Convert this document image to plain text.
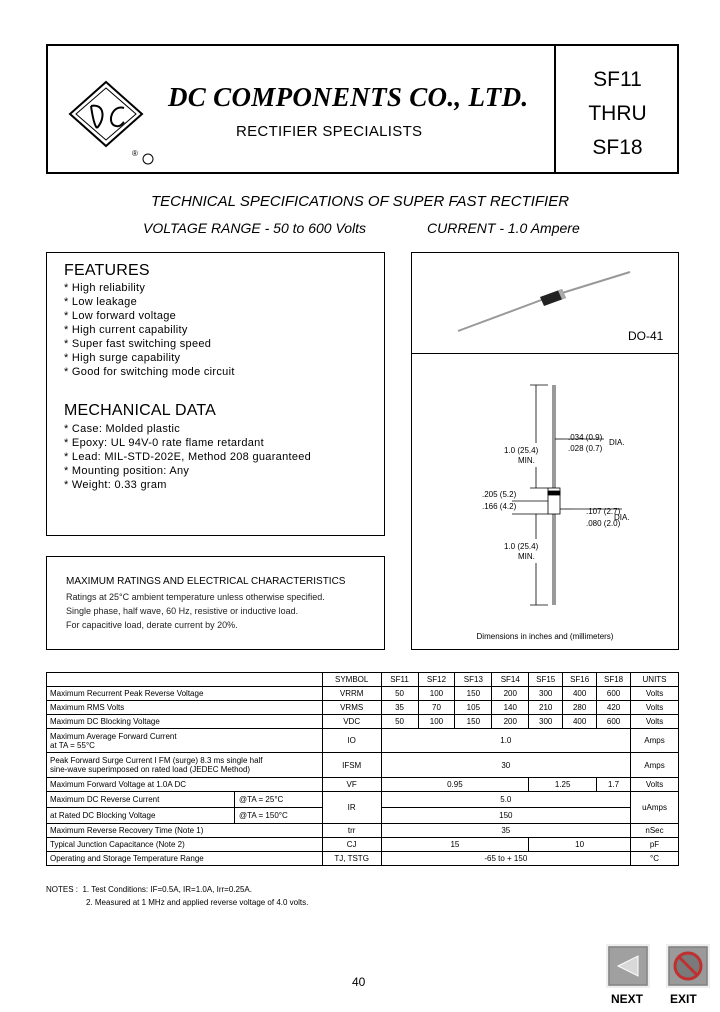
®
DC COMPONENTS CO., LTD.
RECTIFIER SPECIALISTS
SF11
THRU
SF18
TECHNICAL SPECIFICATIONS OF SUPER FAST RECTIFIER
VOLTAGE RANGE - 50 to 600 Volts	CURRENT - 1.0 Ampere
FEATURES
* High reliability
* Low leakage
* Low forward voltage
* High current capability
* Super fast switching speed
* High surge capability
* Good for switching mode circuit
MECHANICAL DATA
* Case: Molded plastic
* Epoxy: UL 94V-0 rate flame retardant
* Lead: MIL-STD-202E, Method 208 guaranteed
* Mounting position: Any
* Weight: 0.33 gram
DO-41
1.0 (25.4)
MIN.
.034 (0.9)
.028 (0.7)
DIA.
.205 (5.2)
.166 (4.2)
.107 (2.7)
.080 (2.0)
DIA.
1.0 (25.4)
MIN.
Dimensions in inches and (millimeters)
MAXIMUM RATINGS AND ELECTRICAL CHARACTERISTICS
Ratings at 25°C ambient temperature unless otherwise specified.
Single phase, half wave, 60 Hz, resistive or inductive load.
For capacitive load, derate current by 20%.
	SYMBOL	SF11	SF12	SF13	SF14	SF15	SF16	SF18	UNITS
Maximum Recurrent Peak Reverse Voltage	VRRM	50	100	150	200	300	400	600	Volts
Maximum RMS Volts	VRMS	35	70	105	140	210	280	420	Volts
Maximum DC Blocking Voltage	VDC	50	100	150	200	300	400	600	Volts

Maximum Average Forward Current
at TA = 55°C	IO	1.0							Amps

Peak Forward Surge Current I FM (surge) 8.3 ms single half
sine-wave superimposed on rated load (JEDEC Method)	IFSM	30							Amps
Maximum Forward Voltage at 1.0A DC	VF	0.95				1.25		1.7	Volts

Maximum DC Reverse Current @TA = 25°C	IR	5.0							uAmps

at Rated DC Blocking Voltage @TA = 150°C		150							
Maximum Reverse Recovery Time (Note 1)	trr	35							nSec
Typical Junction Capacitance (Note 2)	CJ	15				10			pF
Operating and Storage Temperature Range	TJ, TSTG	-65 to + 150							°C
NOTES : 1. Test Conditions: IF=0.5A, IR=1.0A, Irr=0.25A.
2. Measured at 1 MHz and applied reverse voltage of 4.0 volts.
40
NEXT EXIT
